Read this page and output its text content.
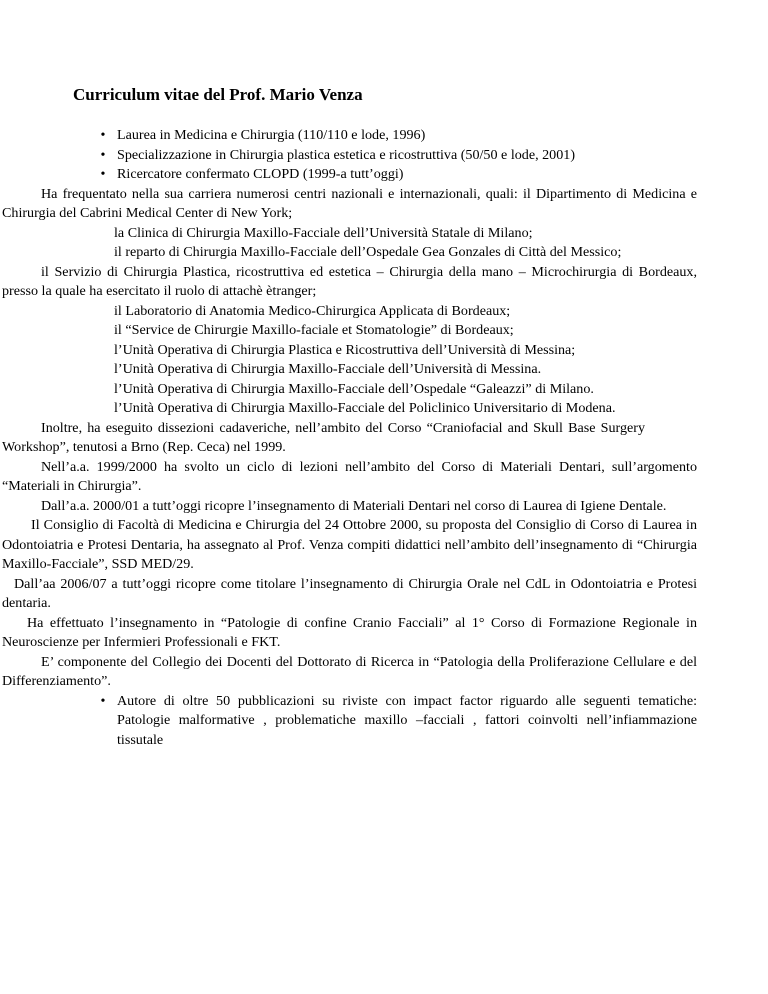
Curriculum vitae del Prof. Mario Venza
• Laurea in Medicina e Chirurgia (110/110 e lode, 1996)
• Specializzazione in Chirurgia plastica estetica e ricostruttiva (50/50 e lode, 2001)
• Ricercatore confermato CLOPD (1999-a tutt’oggi)

Ha frequentato nella sua carriera numerosi centri nazionali e internazionali, quali: il Dipartimento di Medicina e Chirurgia del Cabrini Medical Center di New York;

la Clinica di Chirurgia Maxillo-Facciale dell’Università Statale di Milano;

il reparto di Chirurgia Maxillo-Facciale dell’Ospedale Gea Gonzales di Città del Messico;

il Servizio di Chirurgia Plastica, ricostruttiva ed estetica – Chirurgia della mano – Microchirurgia di Bordeaux, presso la quale ha esercitato il ruolo di attachè ètranger;

il Laboratorio di Anatomia Medico-Chirurgica Applicata di Bordeaux;

il “Service de Chirurgie Maxillo-faciale et Stomatologie” di Bordeaux;

l’Unità Operativa di Chirurgia Plastica e Ricostruttiva dell’Università di Messina;

l’Unità Operativa di Chirurgia Maxillo-Facciale dell’Università di Messina.

l’Unità Operativa di Chirurgia Maxillo-Facciale dell’Ospedale “Galeazzi” di Milano.

l’Unità Operativa di Chirurgia Maxillo-Facciale del Policlinico Universitario di Modena.

Inoltre, ha eseguito dissezioni cadaveriche, nell’ambito del Corso “Craniofacial and Skull Base SurgeryWorkshop”, tenutosi a Brno (Rep. Ceca) nel 1999.

Nell’a.a. 1999/2000 ha svolto un ciclo di lezioni nell’ambito del Corso di Materiali Dentari, sull’argomento “Materiali in Chirurgia”.

Dall’a.a. 2000/01 a tutt’oggi ricopre l’insegnamento di Materiali Dentari nel corso di Laurea di Igiene Dentale.

Il Consiglio di Facoltà di Medicina e Chirurgia del 24 Ottobre 2000, su proposta del Consiglio di Corso di Laurea in Odontoiatria e Protesi Dentaria, ha assegnato al Prof. Venza compiti didattici nell’ambito dell’insegnamento di “Chirurgia Maxillo-Facciale”, SSD MED/29.

Dall’aa 2006/07 a tutt’oggi ricopre come titolare l’insegnamento di Chirurgia Orale nel CdL in Odontoiatria e Protesi dentaria.

Ha effettuato l’insegnamento in “Patologie di confine Cranio Facciali” al 1° Corso di Formazione Regionale in Neuroscienze per Infermieri Professionali e FKT.

E’ componente del Collegio dei Docenti del Dottorato di Ricerca in “Patologia della Proliferazione Cellulare e del Differenziamento”.

• Autore di oltre 50 pubblicazioni su riviste con impact factor riguardo alle seguenti tematiche: Patologie malformative , problematiche maxillo –facciali , fattori coinvolti nell’infiammazione tissutale
